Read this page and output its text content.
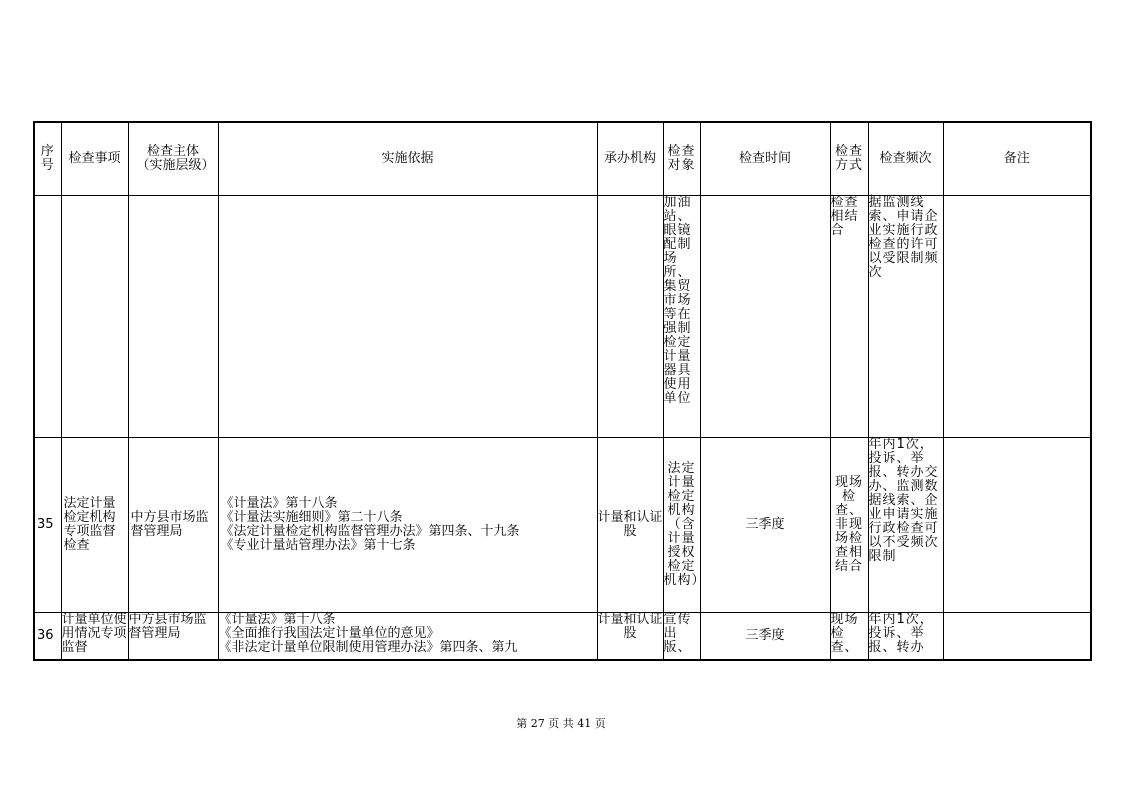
序号	检查事项	检查主体（实施层级）	实施依据	承办机构	检查对象	检查时间	检查方式	检查频次	备注
					加油站、眼镜配制场所、集贸市场等在强制检定计量器具使用单位		检查相结合	据监测线索、申请企业实施行政检查的许可以受限制频次	
35	法定计量检定机构专项监督检查	中方县市场监督管理局	《计量法》第十八条
《计量法实施细则》第二十八条
《法定计量检定机构监督管理办法》第四条、十九条
《专业计量站管理办法》第十七条	计量和认证股	法定计量检定机构（含计量授权检定机构）	三季度	现场检查、非现场检查相结合	年内1次，投诉、举报、转办交办、监测数据线索、企业申请实施行政检查可以不受频次限制	
36	计量单位使用情况专项监督	中方县市场监督管理局	《计量法》第十八条
《全面推行我国法定计量单位的意见》
《非法定计量单位限制使用管理办法》第四条、第九	计量和认证股	宣传出版、	三季度	现场检查、	年内1次，投诉、举报、转办	
第 27 页 共 41 页
